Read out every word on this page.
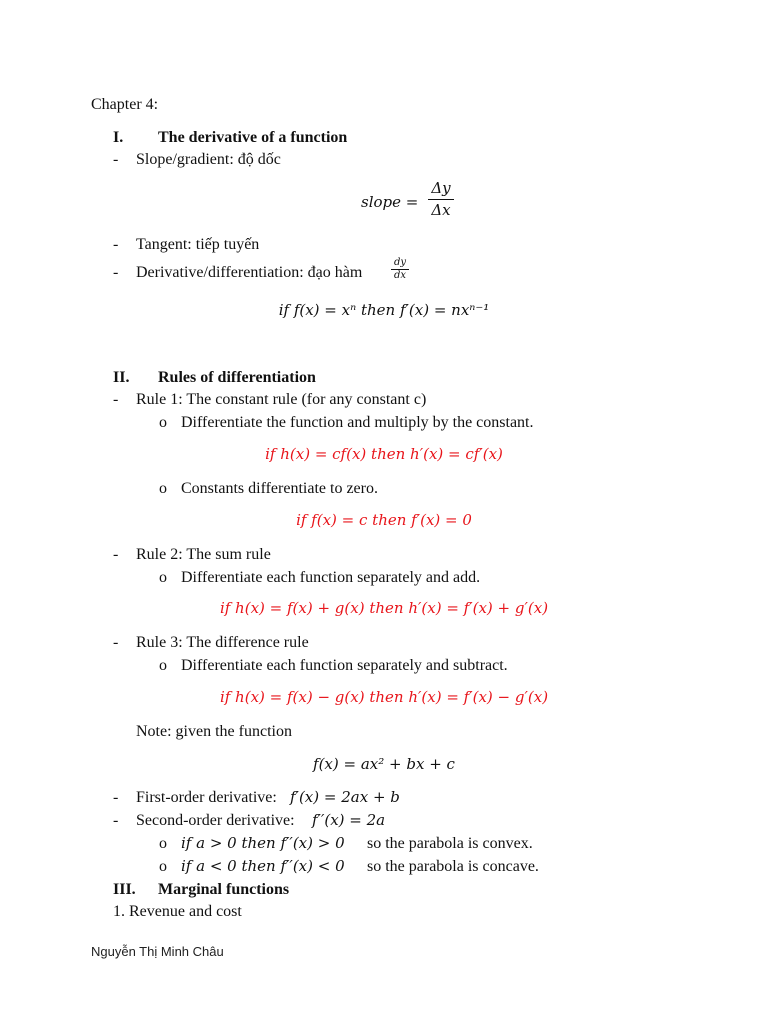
Chapter 4:
I. The derivative of a function
- Slope/gradient: độ dốc
slope =
Δy
Δx
- Tangent: tiếp tuyến
- Derivative/differentiation: đạo hàm
dy
dx
if f(x) = xⁿ then f′(x) = nxⁿ⁻¹
II. Rules of differentiation
- Rule 1: The constant rule (for any constant c)
o Differentiate the function and multiply by the constant.
if h(x) = cf(x) then h′(x) = cf′(x)
o Constants differentiate to zero.
if f(x) = c then f′(x) = 0
- Rule 2: The sum rule
o Differentiate each function separately and add.
if h(x) = f(x) + g(x) then h′(x) = f′(x) + g′(x)
- Rule 3: The difference rule
o Differentiate each function separately and subtract.
if h(x) = f(x) − g(x) then h′(x) = f′(x) − g′(x)
Note: given the function
f(x) = ax² + bx + c
- First-order derivative: f′(x) = 2ax + b
- Second-order derivative: f′′(x) = 2a
o if a > 0 then f′′(x) > 0 so the parabola is convex.
o if a < 0 then f′′(x) < 0 so the parabola is concave.
III. Marginal functions
1. Revenue and cost
Nguyễn Thị Minh Châu
